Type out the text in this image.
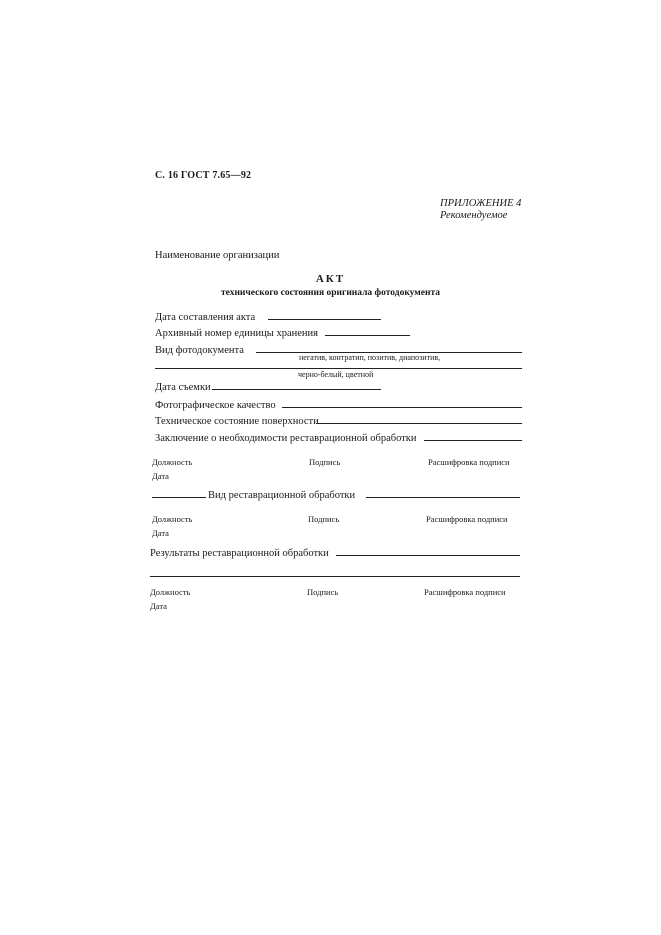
С. 16 ГОСТ 7.65—92
ПРИЛОЖЕНИЕ 4
Рекомендуемое
Наименование организации
АКТ
технического состояния оригинала фотодокумента
Дата составления акта
Архивный номер единицы хранения
Вид фотодокумента
негатив, контратип, позитив, диапозитив,
черно-белый, цветной
Дата съемки
Фотографическое качество
Техническое состояние поверхности
Заключение о необходимости реставрационной обработки
Должность	Подпись	Расшифровка подписи
Дата
Вид реставрационной обработки
Должность	Подпись	Расшифровка подписи
Дата
Результаты реставрационной обработки
Должность	Подпись	Расшифровка подписи
Дата
